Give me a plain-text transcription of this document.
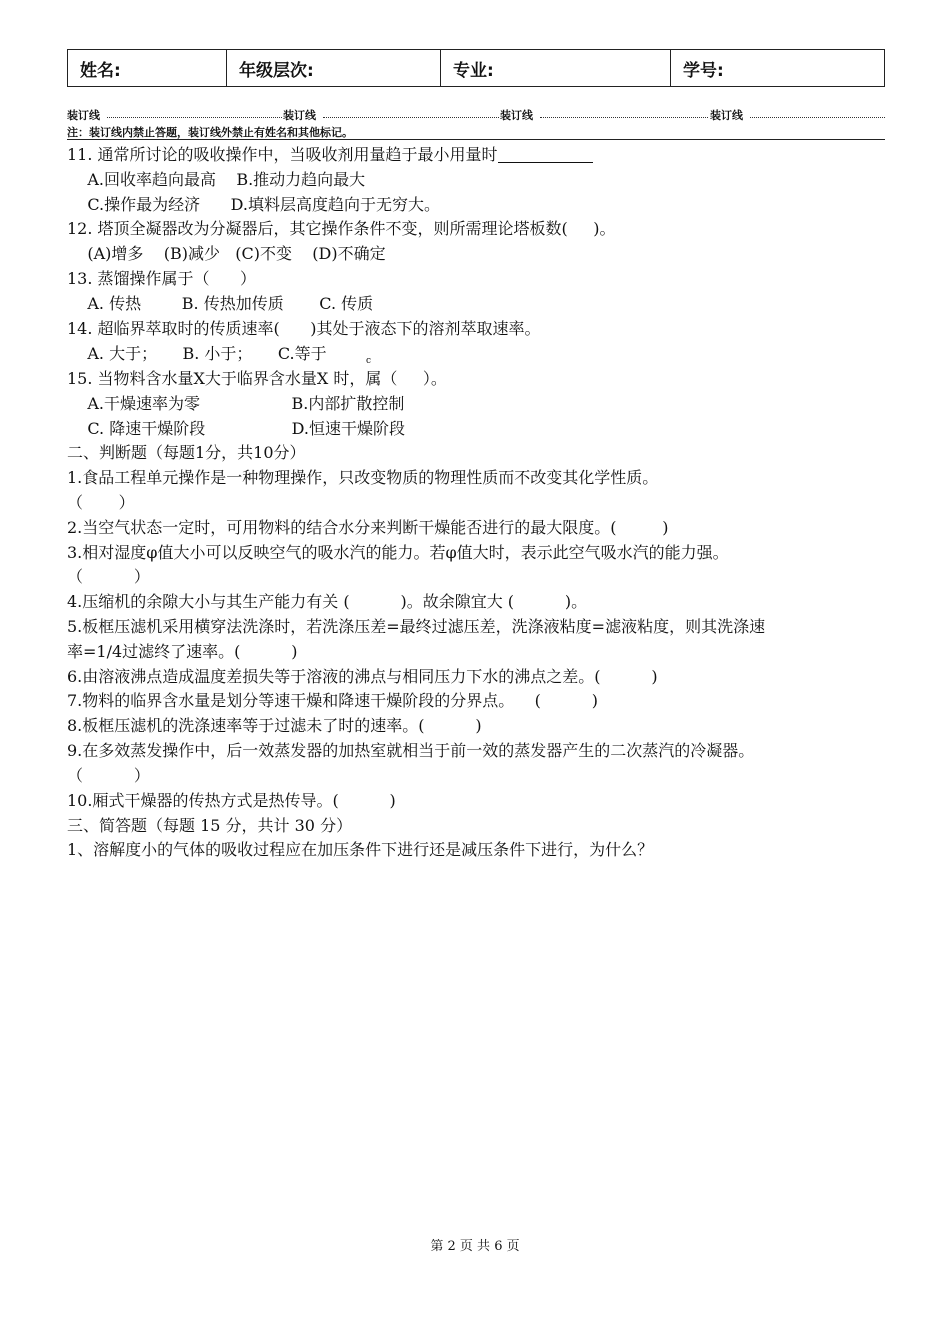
姓名:	年级层次:	专业:	学号:
装订线	装订线	装订线	装订线
注：装订线内禁止答题，装订线外禁止有姓名和其他标记。
11. 通常所讨论的吸收操作中，当吸收剂用量趋于最小用量时
A.回收率趋向最高    B.推动力趋向最大
C.操作最为经济      D.填料层高度趋向于无穷大。
12. 塔顶全凝器改为分凝器后，其它操作条件不变，则所需理论塔板数(     )。
(A)增多    (B)减少   (C)不变    (D)不确定
13. 蒸馏操作属于（      ）
A. 传热        B. 传热加传质       C. 传质
14. 超临界萃取时的传质速率(      )其处于液态下的溶剂萃取速率。
A. 大于；     B. 小于；     C.等于
15. 当物料含水量X大于临界含水量X 时，属（     ）。
c
A.干燥速率为零                  B.内部扩散控制
C. 降速干燥阶段                 D.恒速干燥阶段
二、判断题（每题1分，共10分）
1.食品工程单元操作是一种物理操作，只改变物质的物理性质而不改变其化学性质。
（       ）
2.当空气状态一定时，可用物料的结合水分来判断干燥能否进行的最大限度。(         )
3.相对湿度φ值大小可以反映空气的吸水汽的能力。若φ值大时，表示此空气吸水汽的能力强。
（          ）
4.压缩机的余隙大小与其生产能力有关 (          )。故余隙宜大 (          )。
5.板框压滤机采用横穿法洗涤时，若洗涤压差=最终过滤压差，洗涤液粘度=滤液粘度，则其洗涤速
率=1/4过滤终了速率。(          )
6.由溶液沸点造成温度差损失等于溶液的沸点与相同压力下水的沸点之差。(          )
7.物料的临界含水量是划分等速干燥和降速干燥阶段的分界点。    (          )
8.板框压滤机的洗涤速率等于过滤未了时的速率。(          )
9.在多效蒸发操作中，后一效蒸发器的加热室就相当于前一效的蒸发器产生的二次蒸汽的冷凝器。
（          ）
10.厢式干燥器的传热方式是热传导。(          )
三、简答题（每题 15 分，共计 30 分）
1、溶解度小的气体的吸收过程应在加压条件下进行还是减压条件下进行，为什么？
第 2 页 共 6 页
